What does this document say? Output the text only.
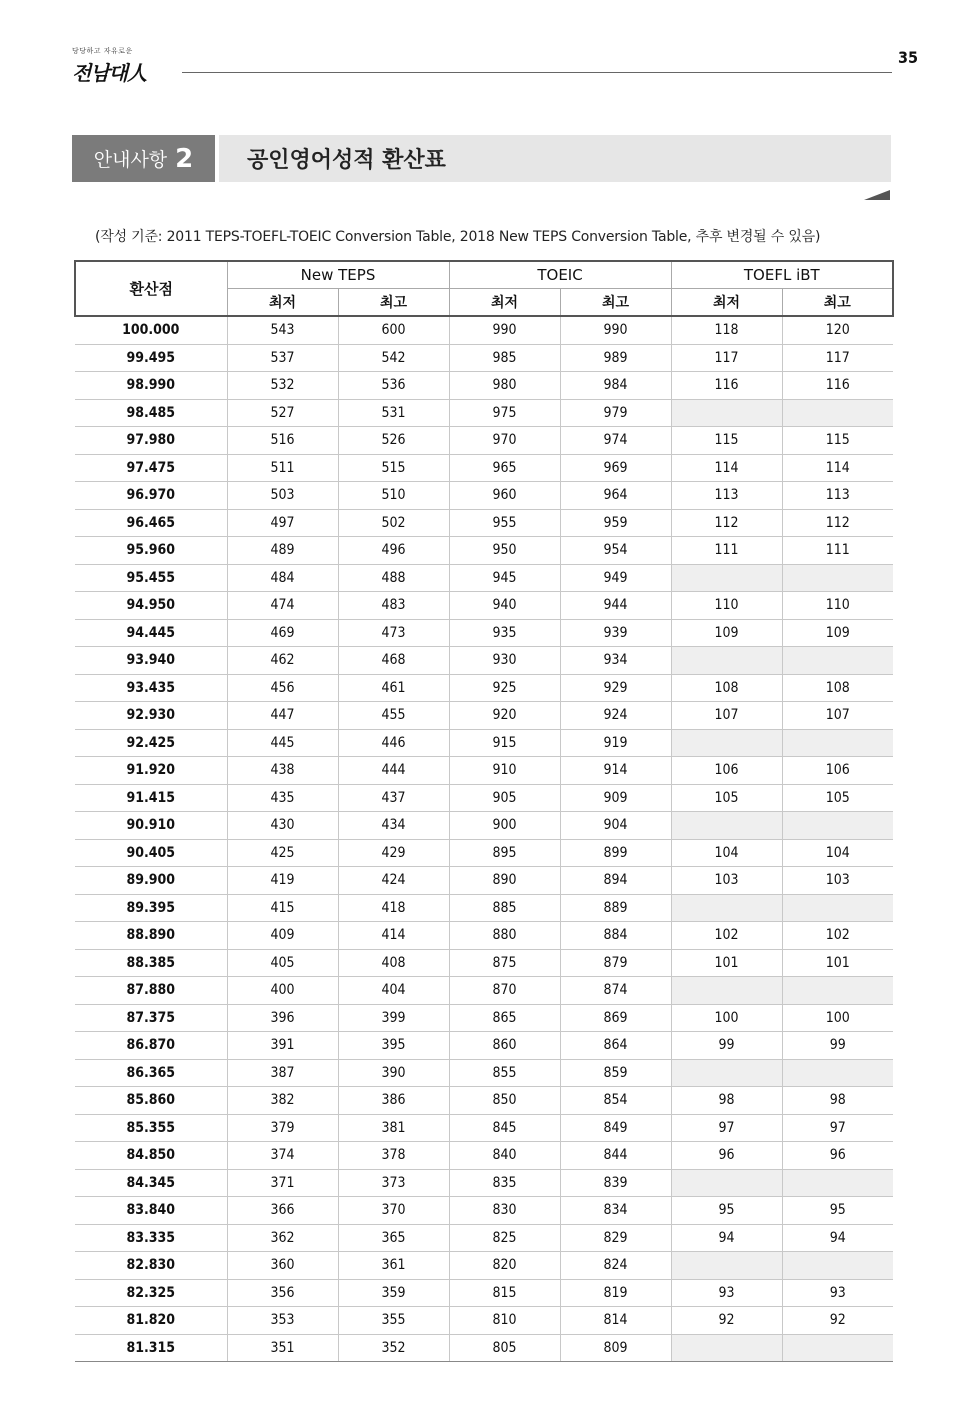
당당하고 자유로운
전남대人
35
안내사항 2 공인영어성적 환산표
(작성 기준: 2011 TEPS-TOEFL-TOEIC Conversion Table, 2018 New TEPS Conversion Table, 추후 변경될 수 있음)
환산점	New TEPS		TOEIC		TOEFL iBT	
	최저	최고	최저	최고	최저	최고
100.000	543	600	990	990	118	120
99.495	537	542	985	989	117	117
98.990	532	536	980	984	116	116
98.485	527	531	975	979		
97.980	516	526	970	974	115	115
97.475	511	515	965	969	114	114
96.970	503	510	960	964	113	113
96.465	497	502	955	959	112	112
95.960	489	496	950	954	111	111
95.455	484	488	945	949		
94.950	474	483	940	944	110	110
94.445	469	473	935	939	109	109
93.940	462	468	930	934		
93.435	456	461	925	929	108	108
92.930	447	455	920	924	107	107
92.425	445	446	915	919		
91.920	438	444	910	914	106	106
91.415	435	437	905	909	105	105
90.910	430	434	900	904		
90.405	425	429	895	899	104	104
89.900	419	424	890	894	103	103
89.395	415	418	885	889		
88.890	409	414	880	884	102	102
88.385	405	408	875	879	101	101
87.880	400	404	870	874		
87.375	396	399	865	869	100	100
86.870	391	395	860	864	99	99
86.365	387	390	855	859		
85.860	382	386	850	854	98	98
85.355	379	381	845	849	97	97
84.850	374	378	840	844	96	96
84.345	371	373	835	839		
83.840	366	370	830	834	95	95
83.335	362	365	825	829	94	94
82.830	360	361	820	824		
82.325	356	359	815	819	93	93
81.820	353	355	810	814	92	92
81.315	351	352	805	809		
